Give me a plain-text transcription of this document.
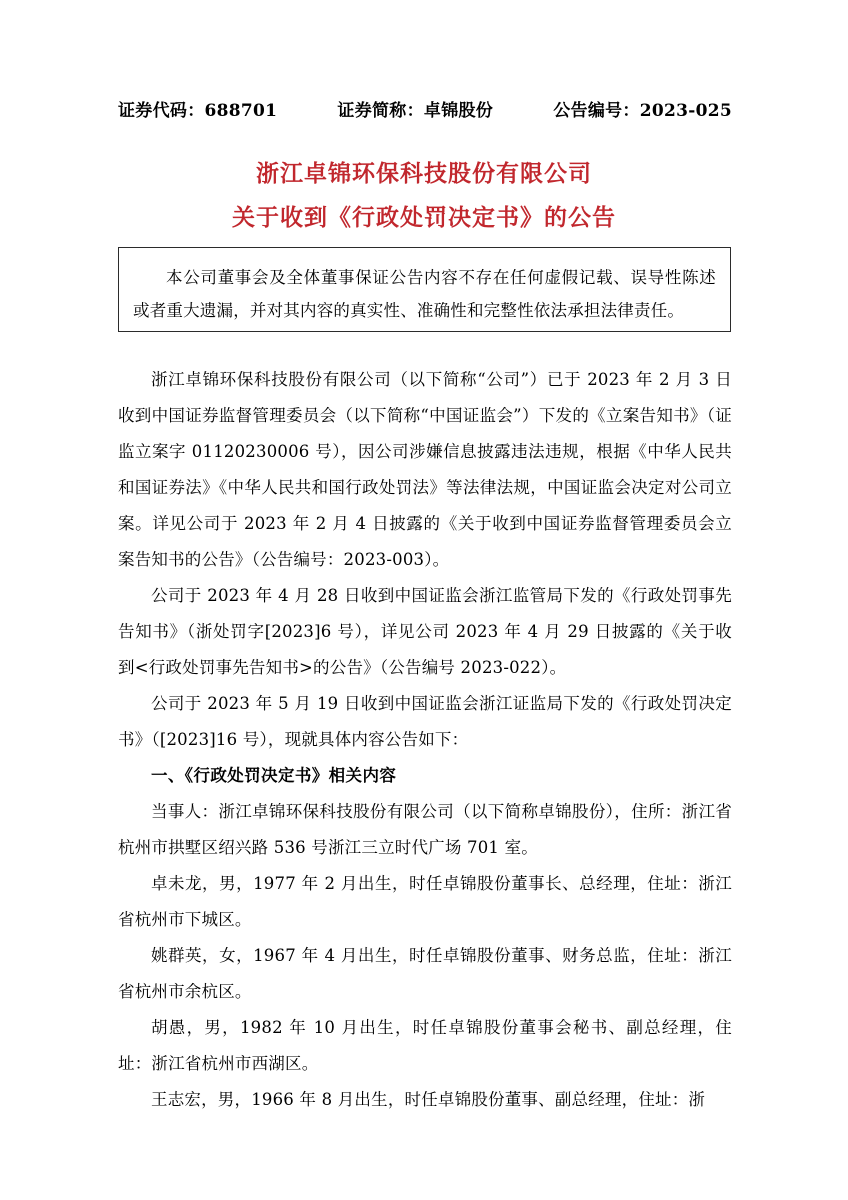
证券代码：688701	证券简称：卓锦股份	公告编号：2023-025
浙江卓锦环保科技股份有限公司
关于收到《行政处罚决定书》的公告
本公司董事会及全体董事保证公告内容不存在任何虚假记载、误导性陈述或者重大遗漏，并对其内容的真实性、准确性和完整性依法承担法律责任。

浙江卓锦环保科技股份有限公司（以下简称“公司”）已于 2023 年 2 月 3 日收到中国证券监督管理委员会（以下简称“中国证监会”）下发的《立案告知书》（证监立案字 01120230006 号），因公司涉嫌信息披露违法违规，根据《中华人民共和国证券法》《中华人民共和国行政处罚法》等法律法规，中国证监会决定对公司立案。详见公司于 2023 年 2 月 4 日披露的《关于收到中国证券监督管理委员会立案告知书的公告》（公告编号：2023-003）。

公司于 2023 年 4 月 28 日收到中国证监会浙江监管局下发的《行政处罚事先告知书》（浙处罚字[2023]6 号），详见公司 2023 年 4 月 29 日披露的《关于收到<行政处罚事先告知书>的公告》（公告编号 2023-022）。

公司于 2023 年 5 月 19 日收到中国证监会浙江证监局下发的《行政处罚决定书》（[2023]16 号），现就具体内容公告如下：

一、《行政处罚决定书》相关内容

当事人：浙江卓锦环保科技股份有限公司（以下简称卓锦股份），住所：浙江省杭州市拱墅区绍兴路 536 号浙江三立时代广场 701 室。

卓未龙，男，1977 年 2 月出生，时任卓锦股份董事长、总经理，住址：浙江省杭州市下城区。

姚群英，女，1967 年 4 月出生，时任卓锦股份董事、财务总监，住址：浙江省杭州市余杭区。

胡愚，男，1982 年 10 月出生，时任卓锦股份董事会秘书、副总经理，住址：浙江省杭州市西湖区。

王志宏，男，1966 年 8 月出生，时任卓锦股份董事、副总经理，住址：浙
